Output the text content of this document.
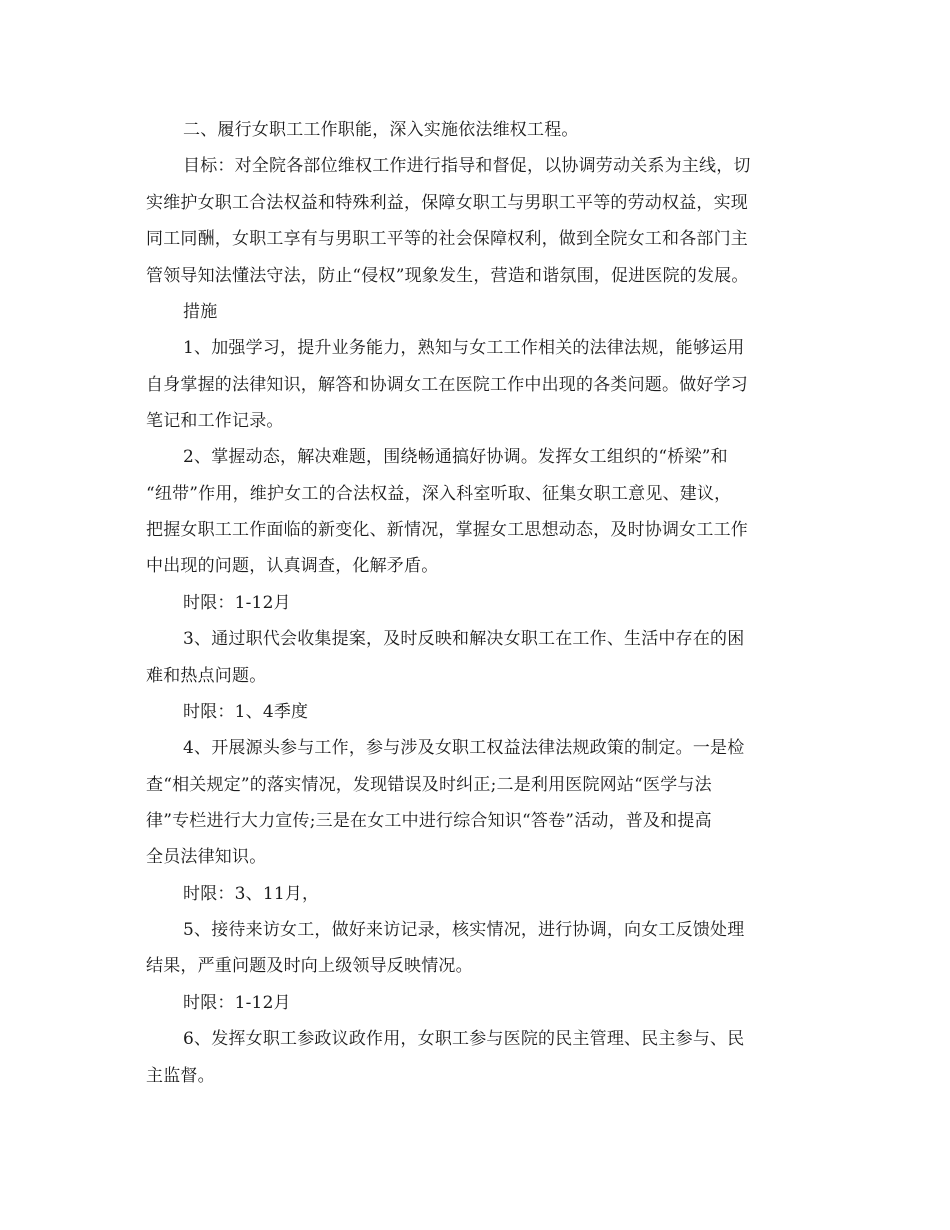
二、履行女职工工作职能，深入实施依法维权工程。
目标：对全院各部位维权工作进行指导和督促，以协调劳动关系为主线，切
实维护女职工合法权益和特殊利益，保障女职工与男职工平等的劳动权益，实现
同工同酬，女职工享有与男职工平等的社会保障权利，做到全院女工和各部门主
管领导知法懂法守法，防止“侵权”现象发生，营造和谐氛围，促进医院的发展。
措施
1、加强学习，提升业务能力，熟知与女工工作相关的法律法规，能够运用
自身掌握的法律知识，解答和协调女工在医院工作中出现的各类问题。做好学习
笔记和工作记录。
2、掌握动态，解决难题，围绕畅通搞好协调。发挥女工组织的“桥梁”和
“纽带”作用，维护女工的合法权益，深入科室听取、征集女职工意见、建议，
把握女职工工作面临的新变化、新情况，掌握女工思想动态，及时协调女工工作
中出现的问题，认真调查，化解矛盾。
时限：1-12月
3、通过职代会收集提案，及时反映和解决女职工在工作、生活中存在的困
难和热点问题。
时限：1、4季度
4、开展源头参与工作，参与涉及女职工权益法律法规政策的制定。一是检
查“相关规定”的落实情况，发现错误及时纠正;二是利用医院网站“医学与法
律”专栏进行大力宣传;三是在女工中进行综合知识“答卷”活动，普及和提高
全员法律知识。
时限：3、11月，
5、接待来访女工，做好来访记录，核实情况，进行协调，向女工反馈处理
结果，严重问题及时向上级领导反映情况。
时限：1-12月
6、发挥女职工参政议政作用，女职工参与医院的民主管理、民主参与、民
主监督。
